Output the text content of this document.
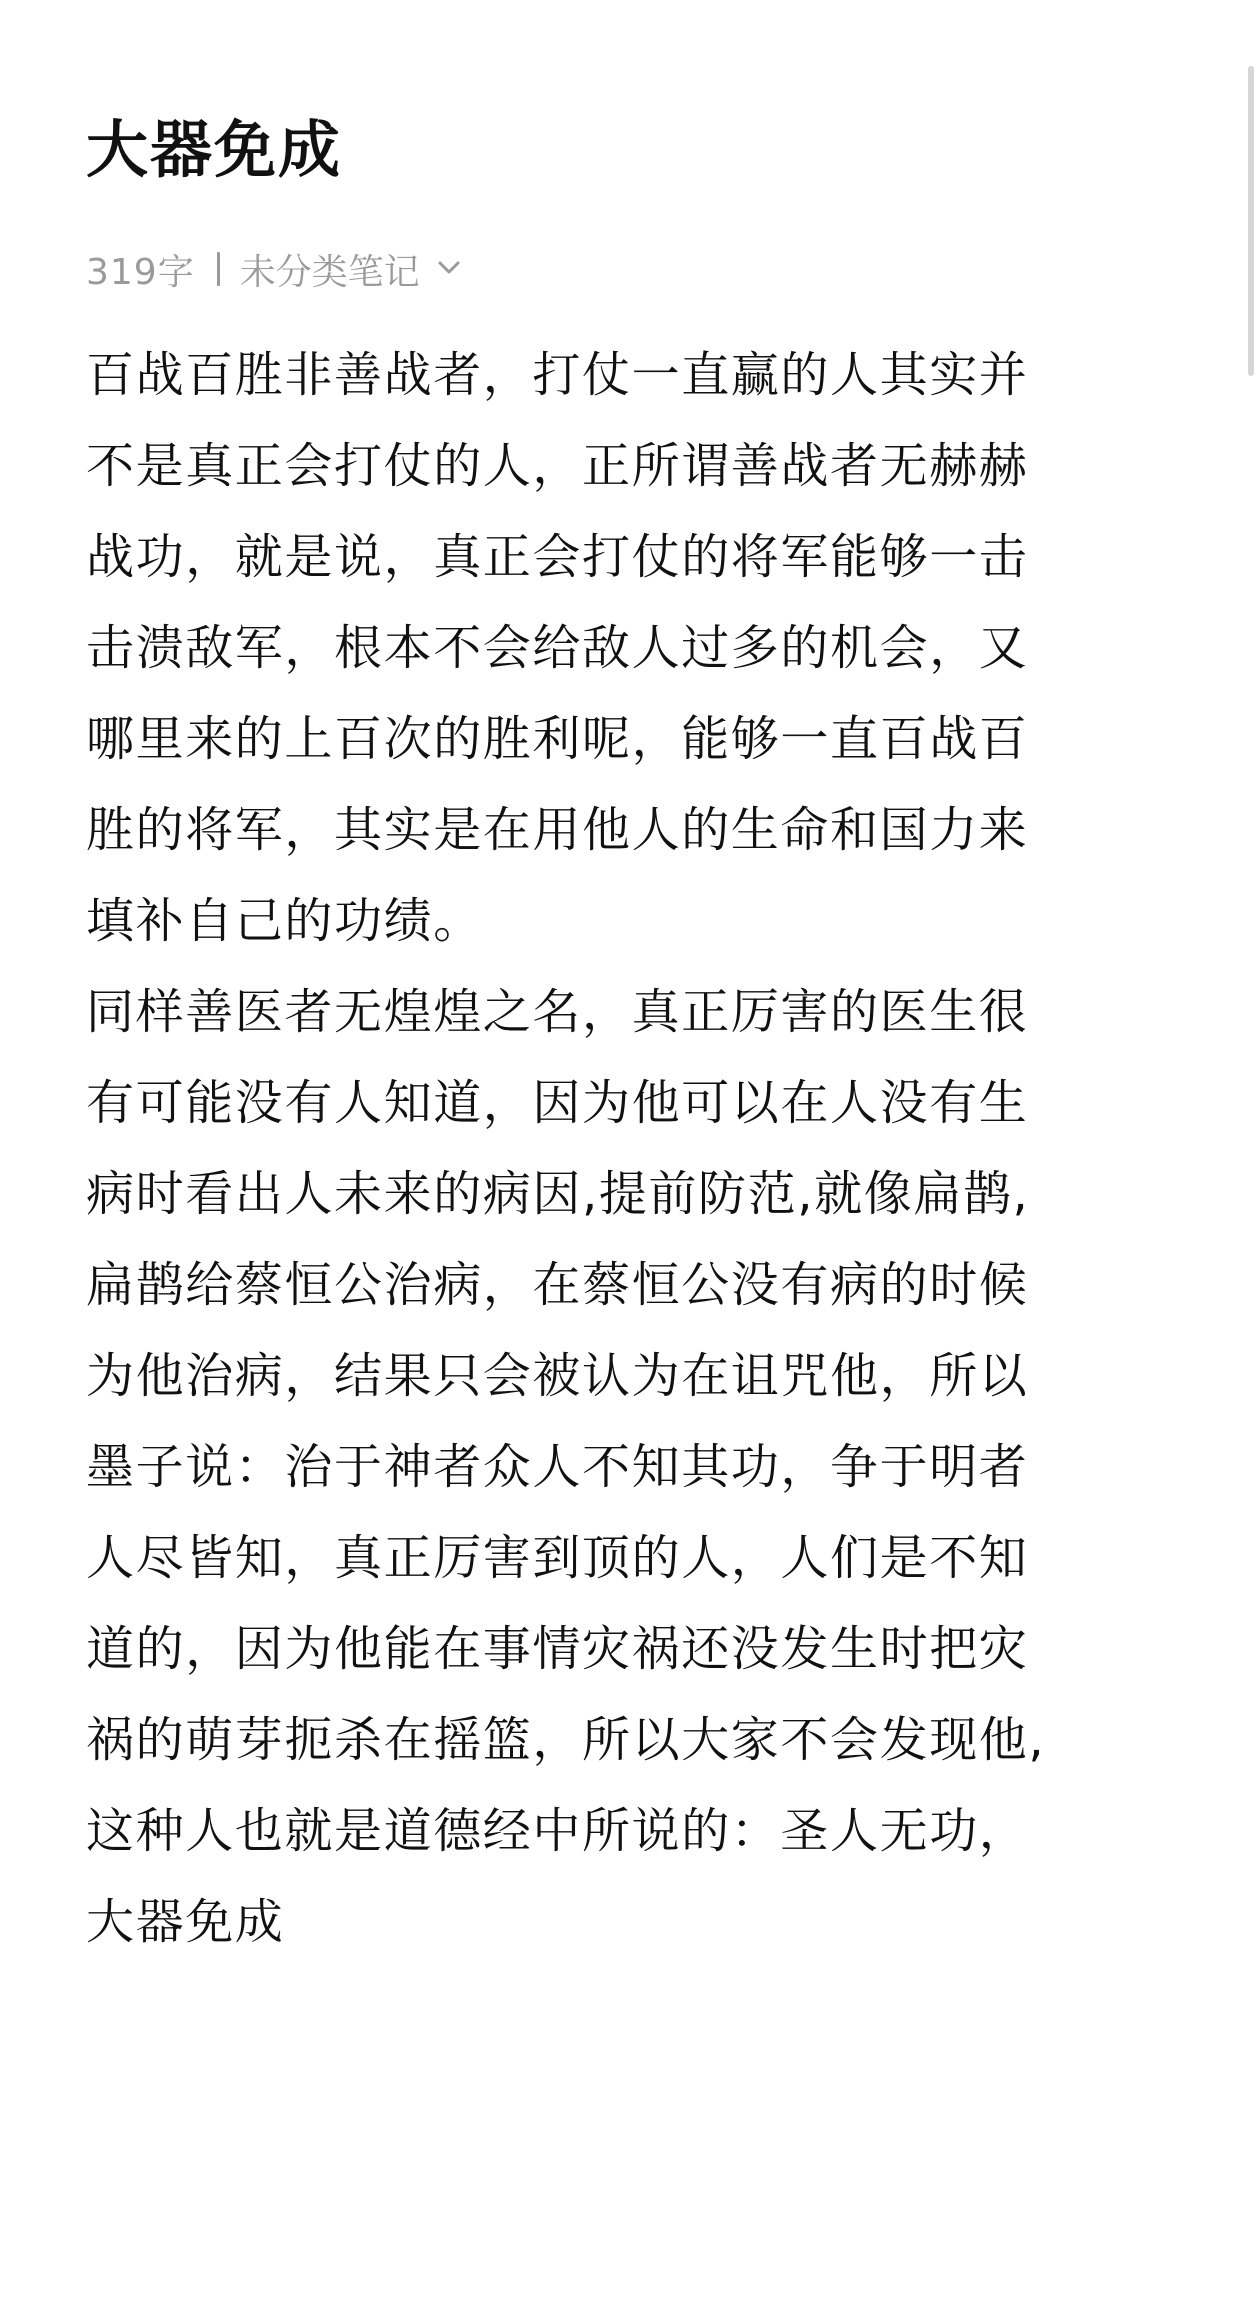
大器免成
319字 未分类笔记
百战百胜非善战者，打仗一直赢的人其实并
不是真正会打仗的人，正所谓善战者无赫赫
战功，就是说，真正会打仗的将军能够一击
击溃敌军，根本不会给敌人过多的机会，又
哪里来的上百次的胜利呢，能够一直百战百
胜的将军，其实是在用他人的生命和国力来
填补自己的功绩。
同样善医者无煌煌之名，真正厉害的医生很
有可能没有人知道，因为他可以在人没有生
病时看出人未来的病因,提前防范,就像扁鹊,
扁鹊给蔡恒公治病，在蔡恒公没有病的时候
为他治病，结果只会被认为在诅咒他，所以
墨子说：治于神者众人不知其功，争于明者
人尽皆知，真正厉害到顶的人，人们是不知
道的，因为他能在事情灾祸还没发生时把灾
祸的萌芽扼杀在摇篮，所以大家不会发现他,
这种人也就是道德经中所说的：圣人无功，
大器免成
